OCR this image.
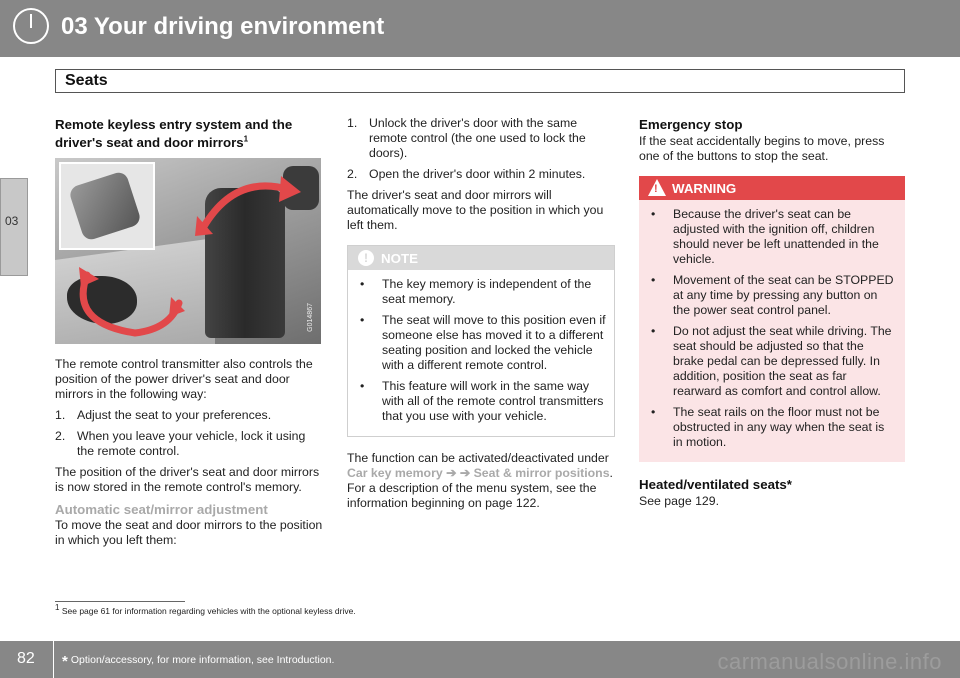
03 Your driving environment
Seats
03
Remote keyless entry system and the
driver's seat and door mirrors$^1$
G014867

The remote control transmitter also controls the position of the power driver's seat and door mirrors in the following way:

1. Adjust the seat to your preferences.
2. When you leave your vehicle, lock it using the remote control.

The position of the driver's seat and door mirrors is now stored in the remote control's memory.

Automatic seat/mirror adjustment

To move the seat and door mirrors to the position in which you left them:

1. Unlock the driver's door with the same remote control (the one used to lock the doors).
2. Open the driver's door within 2 minutes.

The driver's seat and door mirrors will automatically move to the position in which you left them.

!
NOTE
• The key memory is independent of the seat memory.
• The seat will move to this position even if someone else has moved it to a different seating position and locked the vehicle with a different remote control.
• This feature will work in the same way with all of the remote control transmitters that you use with your vehicle.

The function can be activated/deactivated under Car key memory ➔ ➔ Seat & mirror positions. For a description of the menu system, see the information beginning on page 122.

Emergency stop

If the seat accidentally begins to move, press one of the buttons to stop the seat.

!
WARNING
• Because the driver's seat can be adjusted with the ignition off, children should never be left unattended in the vehicle.
• Movement of the seat can be STOPPED at any time by pressing any button on the power seat control panel.
• Do not adjust the seat while driving. The seat should be adjusted so that the brake pedal can be depressed fully. In addition, position the seat as far rearward as comfort and control allow.
• The seat rails on the floor must not be obstructed in any way when the seat is in motion.
Heated/ventilated seats*

See page 129.

$^1$ See page 61 for information regarding vehicles with the optional keyless drive.
82 * Option/accessory, for more information, see Introduction.	carmanualsonline.info
